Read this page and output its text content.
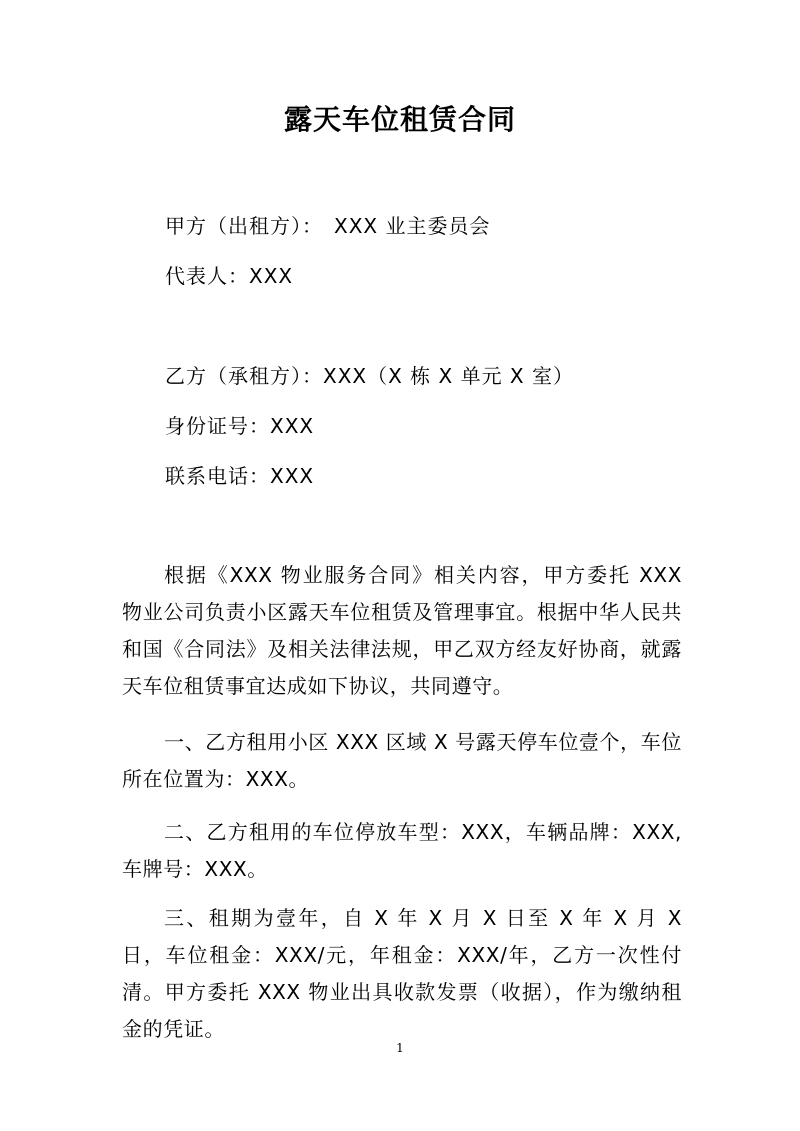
露天车位租赁合同
甲方（出租方）：　XXX 业主委员会
代表人：XXX
乙方（承租方）：XXX（X 栋 X 单元 X 室）
身份证号：XXX
联系电话：XXX
根据《XXX 物业服务合同》相关内容，甲方委托 XXX 物业公司负责小区露天车位租赁及管理事宜。根据中华人民共和国《合同法》及相关法律法规，甲乙双方经友好协商，就露天车位租赁事宜达成如下协议，共同遵守。
一、乙方租用小区 XXX 区域 X 号露天停车位壹个，车位所在位置为：XXX。
二、乙方租用的车位停放车型：XXX，车辆品牌：XXX,车牌号：XXX。
三、租期为壹年，自 X 年 X 月 X 日至 X 年 X 月 X 日，车位租金：XXX/元，年租金：XXX/年，乙方一次性付清。甲方委托 XXX 物业出具收款发票（收据），作为缴纳租金的凭证。
1
